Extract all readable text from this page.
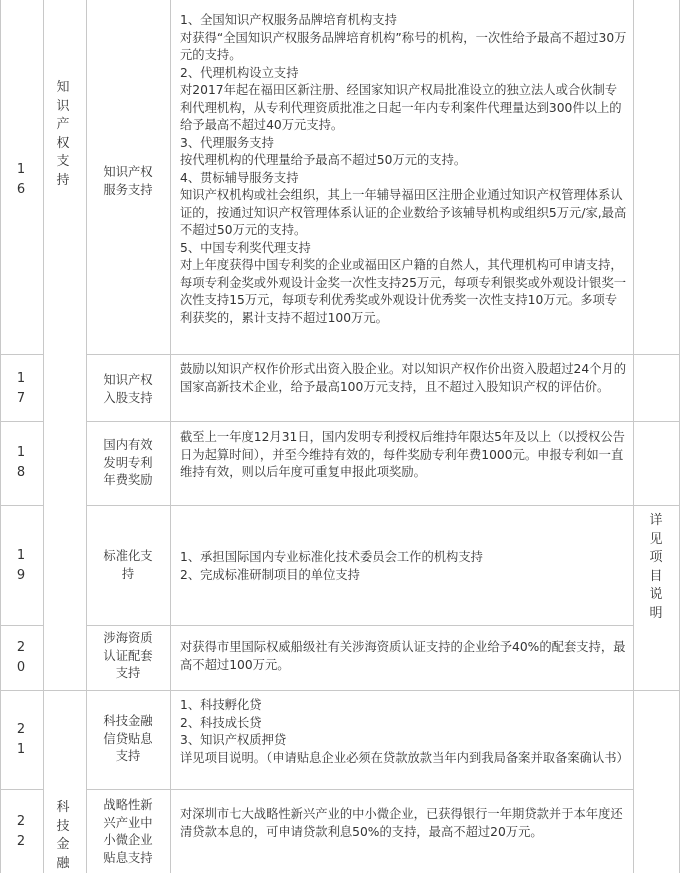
知
识
产
权
支
持
科
技
金
融
1
6
知识产权
服务支持
1、全国知识产权服务品牌培育机构支持
对获得“全国知识产权服务品牌培育机构”称号的机构，一次性给予最高不超过30万元的支持。
2、代理机构设立支持
对2017年起在福田区新注册、经国家知识产权局批准设立的独立法人或合伙制专利代理机构，从专利代理资质批准之日起一年内专利案件代理量达到300件以上的给予最高不超过40万元支持。
3、代理服务支持
按代理机构的代理量给予最高不超过50万元的支持。
4、贯标辅导服务支持
知识产权机构或社会组织，其上一年辅导福田区注册企业通过知识产权管理体系认证的，按通过知识产权管理体系认证的企业数给予该辅导机构或组织5万元/家,最高不超过50万元的支持。
5、中国专利奖代理支持
对上年度获得中国专利奖的企业或福田区户籍的自然人，其代理机构可申请支持，每项专利金奖或外观设计金奖一次性支持25万元，每项专利银奖或外观设计银奖一次性支持15万元，每项专利优秀奖或外观设计优秀奖一次性支持10万元。多项专利获奖的，累计支持不超过100万元。
1
7
知识产权
入股支持
鼓励以知识产权作价形式出资入股企业。对以知识产权作价出资入股超过24个月的国家高新技术企业，给予最高100万元支持，且不超过入股知识产权的评估价。
1
8
国内有效
发明专利
年费奖励
截至上一年度12月31日，国内发明专利授权后维持年限达5年及以上（以授权公告日为起算时间），并至今维持有效的，每件奖励专利年费1000元。申报专利如一直维持有效，则以后年度可重复申报此项奖励。
1
9
标准化支
持
1、承担国际国内专业标准化技术委员会工作的机构支持
2、完成标准研制项目的单位支持
详
见
项
目
说
明
2
0
涉海资质
认证配套
支持
对获得市里国际权威船级社有关涉海资质认证支持的企业给予40%的配套支持，最高不超过100万元。
2
1
科技金融
信贷贴息
支持
1、科技孵化贷
2、科技成长贷
3、知识产权质押贷
详见项目说明。（申请贴息企业必须在贷款放款当年内到我局备案并取备案确认书）
2
2
战略性新
兴产业中
小微企业
贴息支持
对深圳市七大战略性新兴产业的中小微企业，已获得银行一年期贷款并于本年度还清贷款本息的，可申请贷款利息50%的支持，最高不超过20万元。
